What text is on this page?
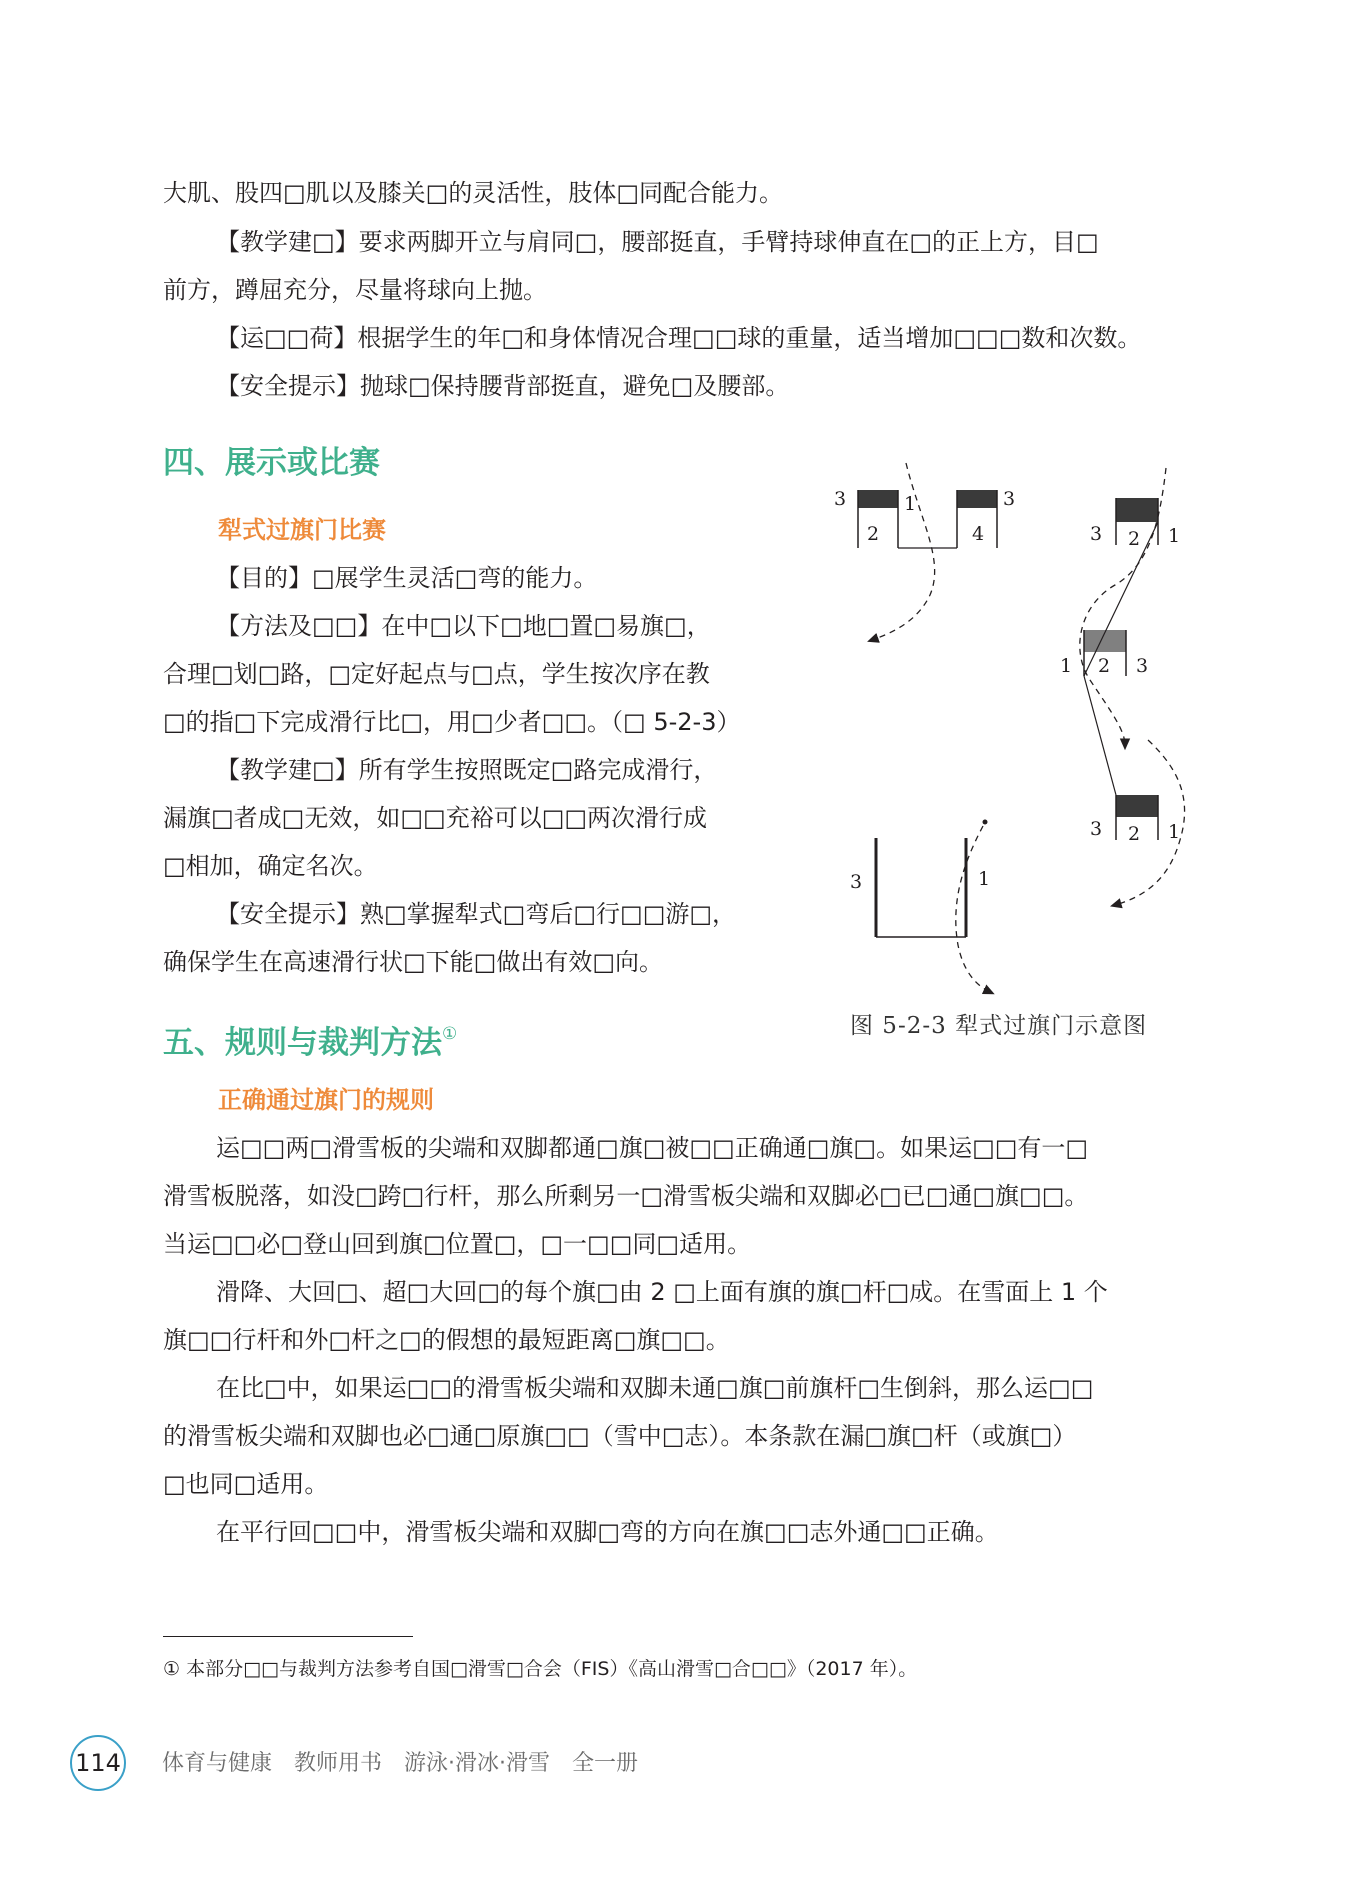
大肌、股四□肌以及膝关□的灵活性，肢体□同配合能力。

【教学建□】要求两脚开立与肩同□，腰部挺直，手臂持球伸直在□的正上方，目□

前方，蹲屈充分，尽量将球向上抛。

【运□□荷】根据学生的年□和身体情况合理□□球的重量，适当增加□□□数和次数。

【安全提示】抛球□保持腰背部挺直，避免□及腰部。

四、展示或比赛
犁式过旗门比赛

【目的】□展学生灵活□弯的能力。

【方法及□□】在中□以下□地□置□易旗□，

合理□划□路，□定好起点与□点，学生按次序在教

□的指□下完成滑行比□，用□少者□□。（□ 5-2-3）

【教学建□】所有学生按照既定□路完成滑行，

漏旗□者成□无效，如□□充裕可以□□两次滑行成

□相加，确定名次。

【安全提示】熟□掌握犁式□弯后□行□□游□，

确保学生在高速滑行状□下能□做出有效□向。

3	1	3
2	4	3 2 1
1 2 3
3 2 1
3	1

图 5-2-3 犁式过旗门示意图

五、规则与裁判方法①
正确通过旗门的规则

运□□两□滑雪板的尖端和双脚都通□旗□被□□正确通□旗□。如果运□□有一□

滑雪板脱落，如没□跨□行杆，那么所剩另一□滑雪板尖端和双脚必□已□通□旗□□。

当运□□必□登山回到旗□位置□，□一□□同□适用。

滑降、大回□、超□大回□的每个旗□由 2 □上面有旗的旗□杆□成。在雪面上 1 个

旗□□行杆和外□杆之□的假想的最短距离□旗□□。

在比□中，如果运□□的滑雪板尖端和双脚未通□旗□前旗杆□生倒斜，那么运□□

的滑雪板尖端和双脚也必□通□原旗□□（雪中□志）。本条款在漏□旗□杆（或旗□）

□也同□适用。

在平行回□□中，滑雪板尖端和双脚□弯的方向在旗□□志外通□□正确。

① 本部分□□与裁判方法参考自国□滑雪□合会（FIS）《高山滑雪□合□□》（2017 年）。

114 体育与健康 教师用书 游泳·滑冰·滑雪 全一册
